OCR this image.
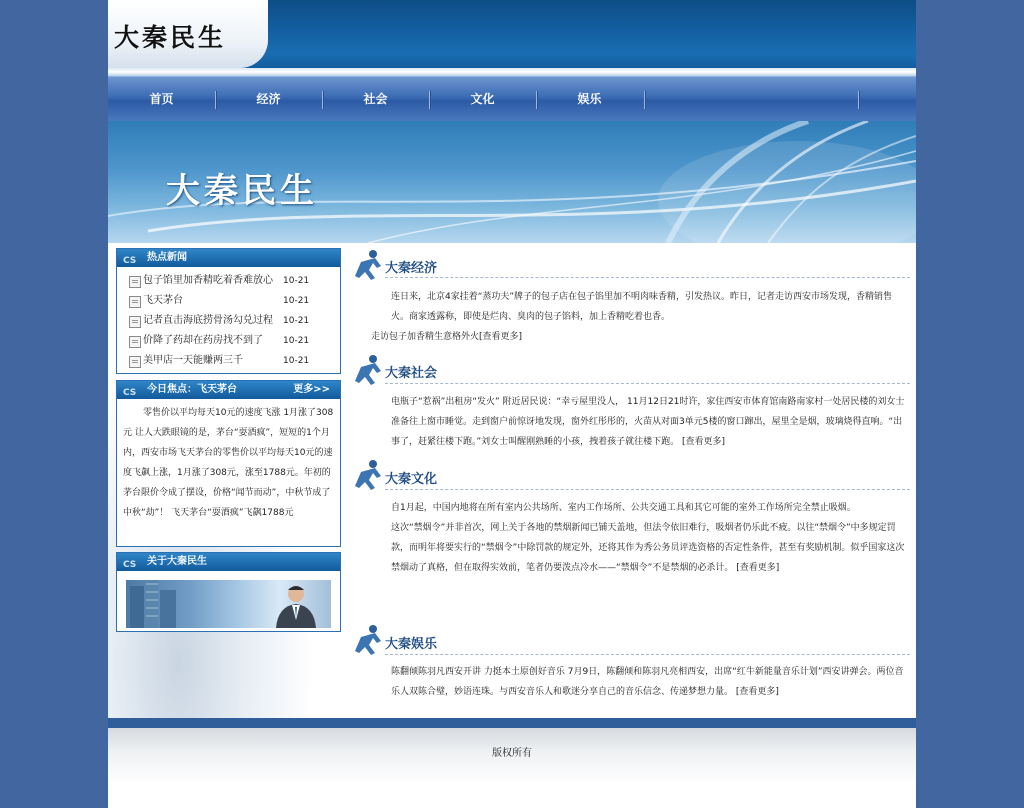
大秦民生
首页	经济	社会	文化	娱乐
大秦民生
CS 热点新闻
包子馅里加香精吃着香难放心 10-21
飞天茅台	10-21
记者直击海底捞骨汤勾兑过程 10-21
价降了药却在药房找不到了 10-21
美甲店一天能赚两三千	10-21
CS 今日焦点：飞天茅台	更多>>

零售价以平均每天10元的速度飞涨 1月涨了308元 让人大跌眼镜的是，茅台“耍酒疯”，短短的1个月内，西安市场飞天茅台的零售价以平均每天10元的速度飞飙上涨，1月涨了308元，涨至1788元。年初的茅台限价令成了摆设，价格“闻节而动”，中秋节成了中秋“劫”！ 飞天茅台“耍酒疯”飞飙1788元

CS 关于大秦民生
大秦经济
连日来，北京4家挂着“蒸功夫”牌子的包子店在包子馅里加不明肉味香精，引发热议。昨日，记者走访西安市场发现，香精销售火。商家透露称，即使是烂肉、臭肉的包子馅料，加上香精吃着也香。
走访包子加香精生意格外火[查看更多]
大秦社会
电瓶子“惹祸”出租房“发火” 附近居民说：“幸亏屋里没人， 11月12日21时许，家住西安市体育馆南路南家村一处居民楼的刘女士准备往上窗市睡觉。走到窗户前惊讶地发现，窗外红彤彤的，火苗从对面3单元5楼的窗口蹿出，屋里全是烟，玻璃烧得直响。“出事了，赶紧往楼下跑。”刘女士叫醒刚熟睡的小孩，拽着孩子就往楼下跑。 [查看更多]
大秦文化
自1月起，中国内地将在所有室内公共场所、室内工作场所、公共交通工具和其它可能的室外工作场所完全禁止吸烟。
这次“禁烟令”并非首次，网上关于各地的禁烟新闻已铺天盖地，但法令依旧难行，吸烟者仍乐此不疲。以往“禁烟令”中多规定罚款，而明年将要实行的“禁烟令”中除罚款的规定外，还将其作为秀公务员评选资格的否定性条件，甚至有奖励机制。似乎国家这次禁烟动了真格，但在取得实效前，笔者仍要泼点冷水——“禁烟令”不是禁烟的必杀计。 [查看更多]
大秦娱乐
陈翻倾陈羽凡西安开讲 力挺本土原创好音乐 7月9日，陈翻倾和陈羽凡亮相西安，出席“红牛新能量音乐计划”西安讲弹会。两位音乐人双陈合璧，妙语连珠。与西安音乐人和歌迷分享自己的音乐信念、传递梦想力量。 [查看更多]
版权所有
